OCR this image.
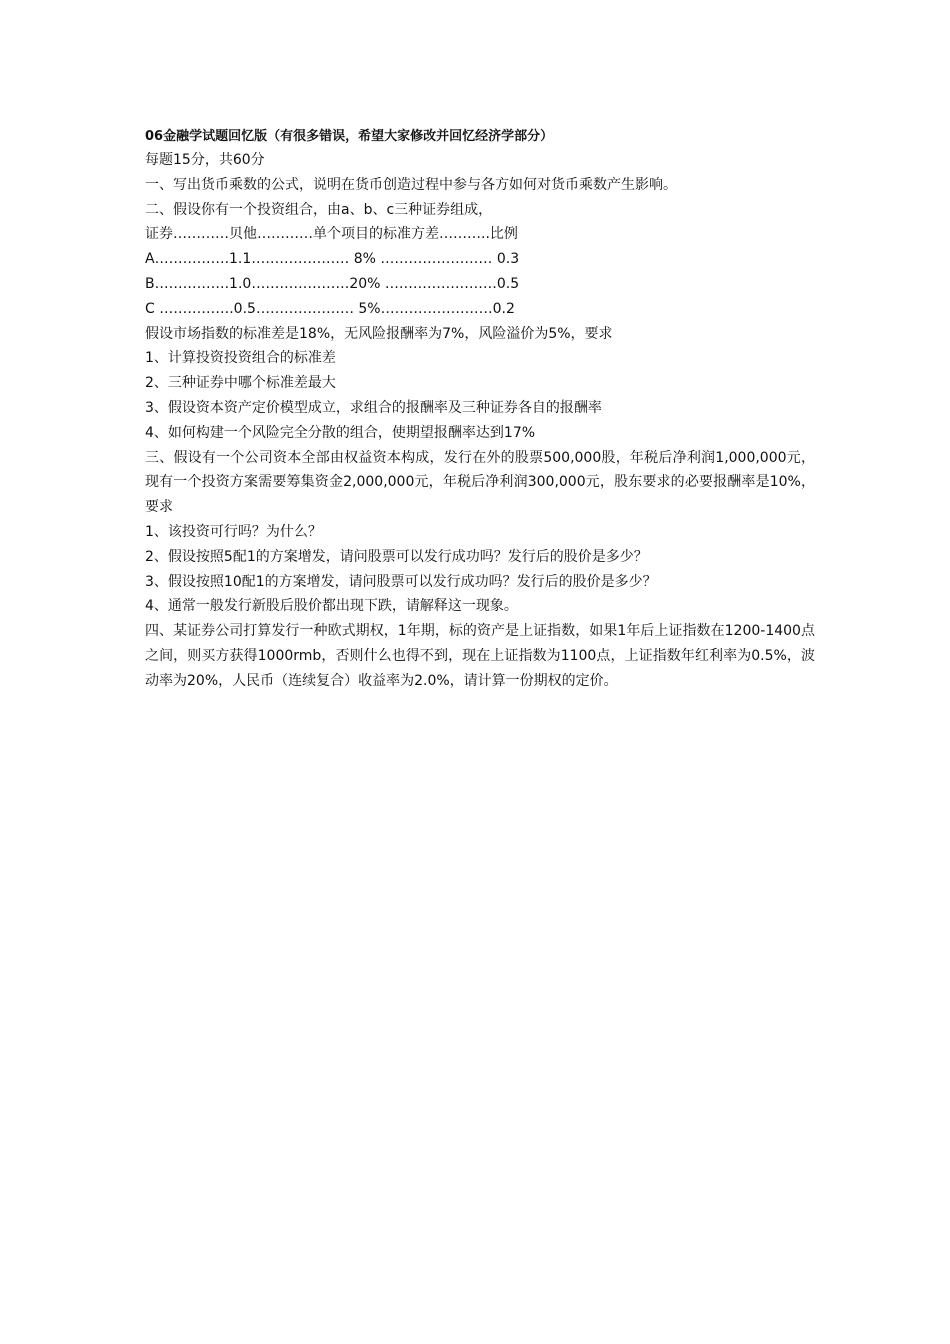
06金融学试题回忆版（有很多错误，希望大家修改并回忆经济学部分）
每题15分，共60分
一、写出货币乘数的公式，说明在货币创造过程中参与各方如何对货币乘数产生影响。
二、假设你有一个投资组合，由a、b、c三种证券组成，
证券…………贝他…………单个项目的标准方差………..比例
A…………….1.1………………… 8% …………………… 0.3
B…………….1.0…………………20% ……………………0.5
C …………….0.5………………… 5%……………………0.2
假设市场指数的标准差是18%，无风险报酬率为7%，风险溢价为5%，要求
1、计算投资投资组合的标准差
2、三种证券中哪个标准差最大
3、假设资本资产定价模型成立，求组合的报酬率及三种证券各自的报酬率
4、如何构建一个风险完全分散的组合，使期望报酬率达到17%
三、假设有一个公司资本全部由权益资本构成，发行在外的股票500,000股，年税后净利润1,000,000元，现有一个投资方案需要筹集资金2,000,000元，年税后净利润300,000元，股东要求的必要报酬率是10%，要求
1、该投资可行吗？为什么？
2、假设按照5配1的方案增发，请问股票可以发行成功吗？发行后的股价是多少？
3、假设按照10配1的方案增发，请问股票可以发行成功吗？发行后的股价是多少？
4、通常一般发行新股后股价都出现下跌，请解释这一现象。
四、某证券公司打算发行一种欧式期权，1年期，标的资产是上证指数，如果1年后上证指数在1200-1400点之间，则买方获得1000rmb，否则什么也得不到，现在上证指数为1100点，上证指数年红利率为0.5%，波动率为20%，人民币（连续复合）收益率为2.0%，请计算一份期权的定价。
